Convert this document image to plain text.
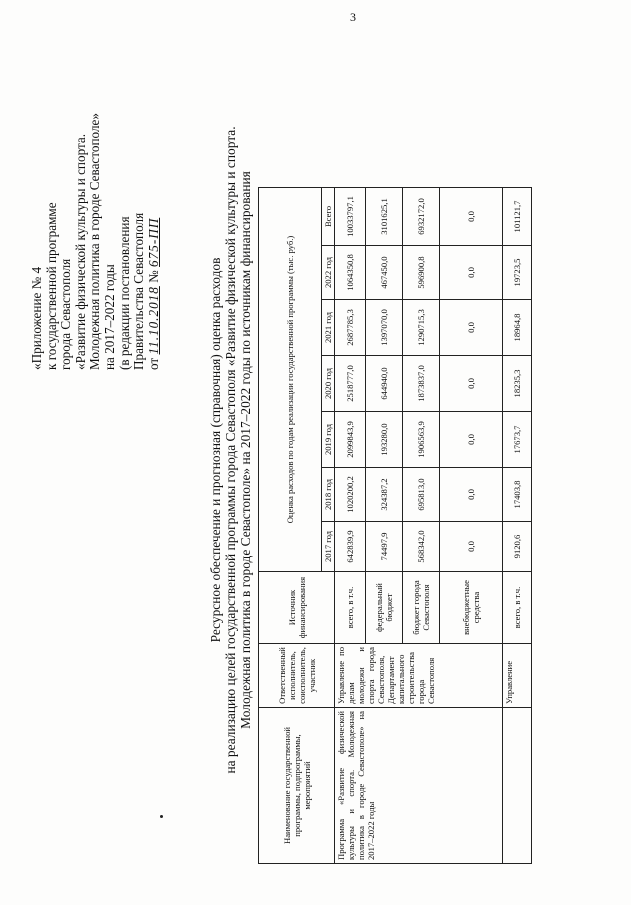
3
«Приложение № 4 к государственной программе города Севастополя «Развитие физической культуры и спорта. Молодежная политика в городе Севастополе» на 2017–2022 годы (в редакции постановления Правительства Севастополя от 11.10.2018 № 675-ПП
Ресурсное обеспечение и прогнозная (справочная) оценка расходов на реализацию целей государственной программы города Севастополя «Развитие физической культуры и спорта. Молодежная политика в городе Севастополе» на 2017–2022 годы по источникам финансирования
Наименование государственной программы, подпрограммы, мероприятий	Ответственный исполнитель, соисполнитель, участник	Источник финансирования	Оценка расходов по годам реализации государственной программы (тыс. руб.)						
			2017 год	2018 год	2019 год	2020 год	2021 год	2022 год	Всего
Программа «Развитие физической культуры и спорта. Молодежная политика в городе Севастополе» на 2017–2022 годы	Управление по делам молодежи и спорта города Севастополя, Департамент капитального строительства города Севастополя	всего, в т.ч.	642839,9	1020200,2	2099843,9	2518777,0	2687785,3	1064350,8	10033797,1
		федеральный бюджет	74497,9	324387,2	193280,0	644940,0	1397070,0	467450,0	3101625,1
		бюджет города Севастополя	568342,0	695813,0	1906563,9	1873837,0	1290715,3	596900,8	6932172,0
		внебюджетные средства	0,0	0,0	0,0	0,0	0,0	0,0	0,0
	Управление	всего, в т.ч.	9120,6	17403,8	17673,7	18235,3	18964,8	19723,5	101121,7
